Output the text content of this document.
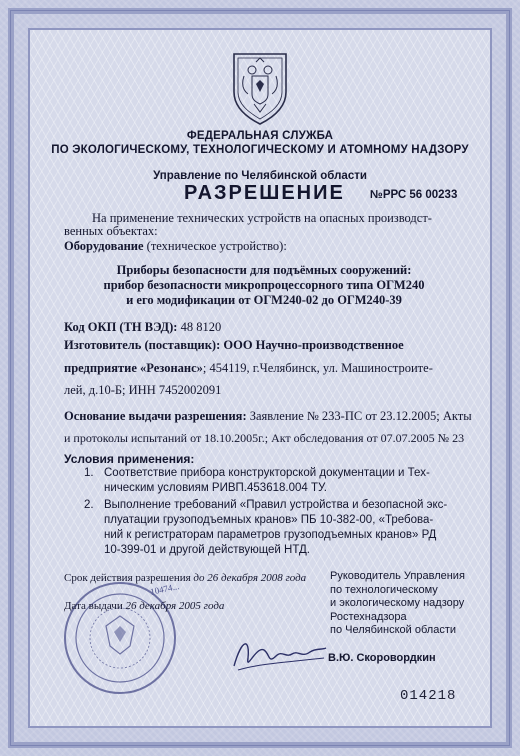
ФЕДЕРАЛЬНАЯ СЛУЖБА
ПО ЭКОЛОГИЧЕСКОМУ, ТЕХНОЛОГИЧЕСКОМУ И АТОМНОМУ НАДЗОРУ
Управление по Челябинской области
РАЗРЕШЕНИЕ №РРС 56 00233
На применение технических устройств на опасных производст-
венных объектах:
Оборудование (техническое устройство):
Приборы безопасности для подъёмных сооружений:
прибор безопасности микропроцессорного типа ОГМ240
и его модификации от ОГМ240-02 до ОГМ240-39
Код ОКП (ТН ВЭД): 48 8120
Изготовитель (поставщик): ООО Научно-производственное
предприятие «Резонанс»; 454119, г.Челябинск, ул. Машиностроите-
лей, д.10-Б; ИНН 7452002091
Основание выдачи разрешения: Заявление № 233-ПС от 23.12.2005; Акты
и протоколы испытаний от 18.10.2005г.; Акт обследования от 07.07.2005 № 23
Условия применения:
1. Соответствие прибора конструкторской документации и Тех-
ническим условиям РИВП.453618.004 ТУ.
2. Выполнение требований «Правил устройства и безопасной экс-
плуатации грузоподъемных кранов» ПБ 10-382-00, «Требова-
ний к регистраторам параметров грузоподъемных кранов» РД
10-399-01 и другой действующей НТД.
10474...
Срок действия разрешения до 26 декабря 2008 года
Дата выдачи 26 декабря 2005 года
Руководитель Управления
по технологическому
и экологическому надзору
Ростехнадзора
по Челябинской области
В.Ю. Скоровордкин
014218
